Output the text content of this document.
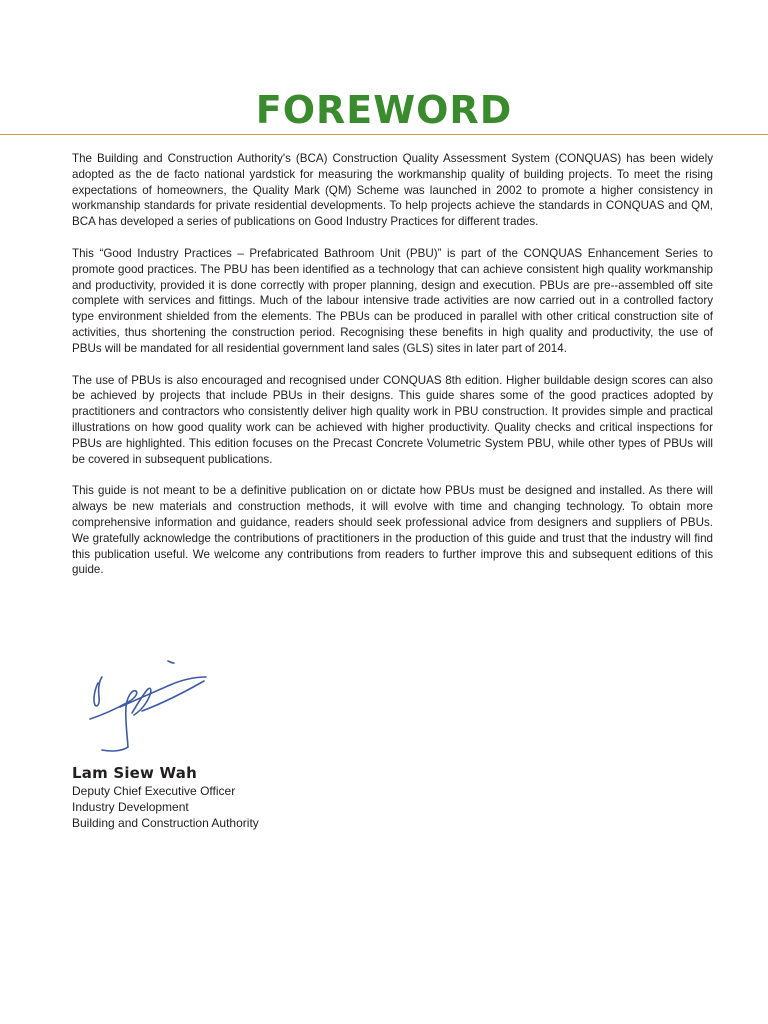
FOREWORD

The Building and Construction Authority's (BCA) Construction Quality Assessment System (CONQUAS) has been widely adopted as the de facto national yardstick for measuring the workmanship quality of building projects. To meet the rising expectations of homeowners, the Quality Mark (QM) Scheme was launched in 2002 to promote a higher consistency in workmanship standards for private residential developments. To help projects achieve the standards in CONQUAS and QM, BCA has developed a series of publications on Good Industry Practices for different trades.

This “Good Industry Practices – Prefabricated Bathroom Unit (PBU)” is part of the CONQUAS Enhancement Series to promote good practices. The PBU has been identified as a technology that can achieve consistent high quality workmanship and productivity, provided it is done correctly with proper planning, design and execution. PBUs are pre--assembled off site complete with services and fittings. Much of the labour intensive trade activities are now carried out in a controlled factory type environment shielded from the elements. The PBUs can be produced in parallel with other critical construction site of activities, thus shortening the construction period. Recognising these benefits in high quality and productivity, the use of PBUs will be mandated for all residential government land sales (GLS) sites in later part of 2014.

The use of PBUs is also encouraged and recognised under CONQUAS 8th edition. Higher buildable design scores can also be achieved by projects that include PBUs in their designs. This guide shares some of the good practices adopted by practitioners and contractors who consistently deliver high quality work in PBU construction. It provides simple and practical illustrations on how good quality work can be achieved with higher productivity. Quality checks and critical inspections for PBUs are highlighted. This edition focuses on the Precast Concrete Volumetric System PBU, while other types of PBUs will be covered in subsequent publications.

This guide is not meant to be a definitive publication on or dictate how PBUs must be designed and installed. As there will always be new materials and construction methods, it will evolve with time and changing technology. To obtain more comprehensive information and guidance, readers should seek professional advice from designers and suppliers of PBUs. We gratefully acknowledge the contributions of practitioners in the production of this guide and trust that the industry will find this publication useful. We welcome any contributions from readers to further improve this and subsequent editions of this guide.

Lam Siew Wah
Deputy Chief Executive Officer
Industry Development
Building and Construction Authority
